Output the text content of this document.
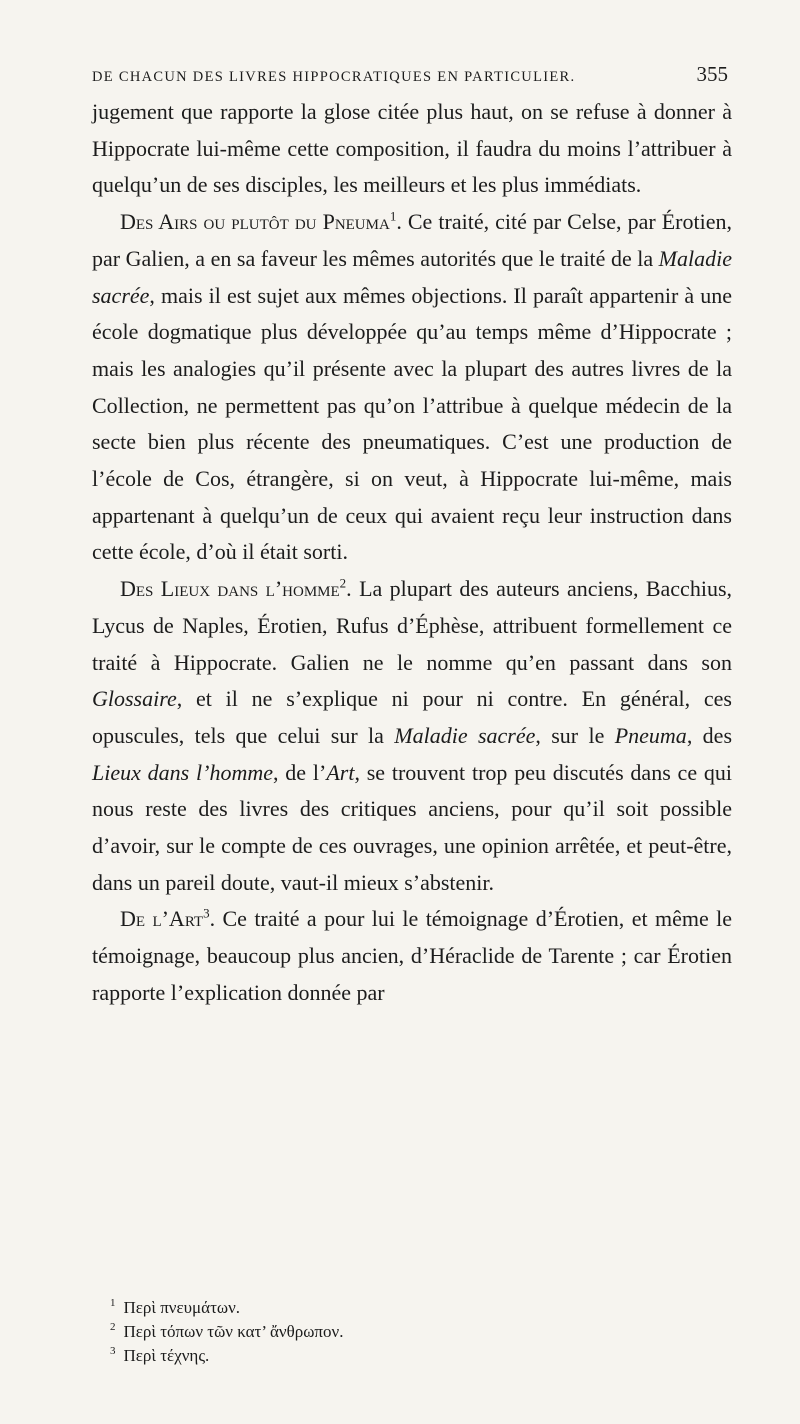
DE CHACUN DES LIVRES HIPPOCRATIQUES EN PARTICULIER.	355

jugement que rapporte la glose citée plus haut, on se refuse à donner à Hippocrate lui-même cette composition, il faudra du moins l’attribuer à quelqu’un de ses disciples, les meilleurs et les plus immédiats.

Des Airs ou plutôt du Pneuma$^1$. Ce traité, cité par Celse, par Érotien, par Galien, a en sa faveur les mêmes autorités que le traité de la Maladie sacrée, mais il est sujet aux mêmes objections. Il paraît appartenir à une école dogmatique plus développée qu’au temps même d’Hippocrate ; mais les analogies qu’il présente avec la plupart des autres livres de la Collection, ne permettent pas qu’on l’attribue à quelque médecin de la secte bien plus récente des pneumatiques. C’est une production de l’école de Cos, étrangère, si on veut, à Hippocrate lui-même, mais appartenant à quelqu’un de ceux qui avaient reçu leur instruction dans cette école, d’où il était sorti.

Des Lieux dans l’homme$^2$. La plupart des auteurs anciens, Bacchius, Lycus de Naples, Érotien, Rufus d’Éphèse, attribuent formellement ce traité à Hippocrate. Galien ne le nomme qu’en passant dans son Glossaire, et il ne s’explique ni pour ni contre. En général, ces opuscules, tels que celui sur la Maladie sacrée, sur le Pneuma, des Lieux dans l’homme, de l’Art, se trouvent trop peu discutés dans ce qui nous reste des livres des critiques anciens, pour qu’il soit possible d’avoir, sur le compte de ces ouvrages, une opinion arrêtée, et peut-être, dans un pareil doute, vaut-il mieux s’abstenir.

De l’Art$^3$. Ce traité a pour lui le témoignage d’Érotien, et même le témoignage, beaucoup plus ancien, d’Héraclide de Tarente ; car Érotien rapporte l’explication donnée par

$^1$ Περὶ πνευμάτων.
$^2$ Περὶ τόπων τῶν κατ’ ἄνθρωπον.
$^3$ Περὶ τέχνης.
